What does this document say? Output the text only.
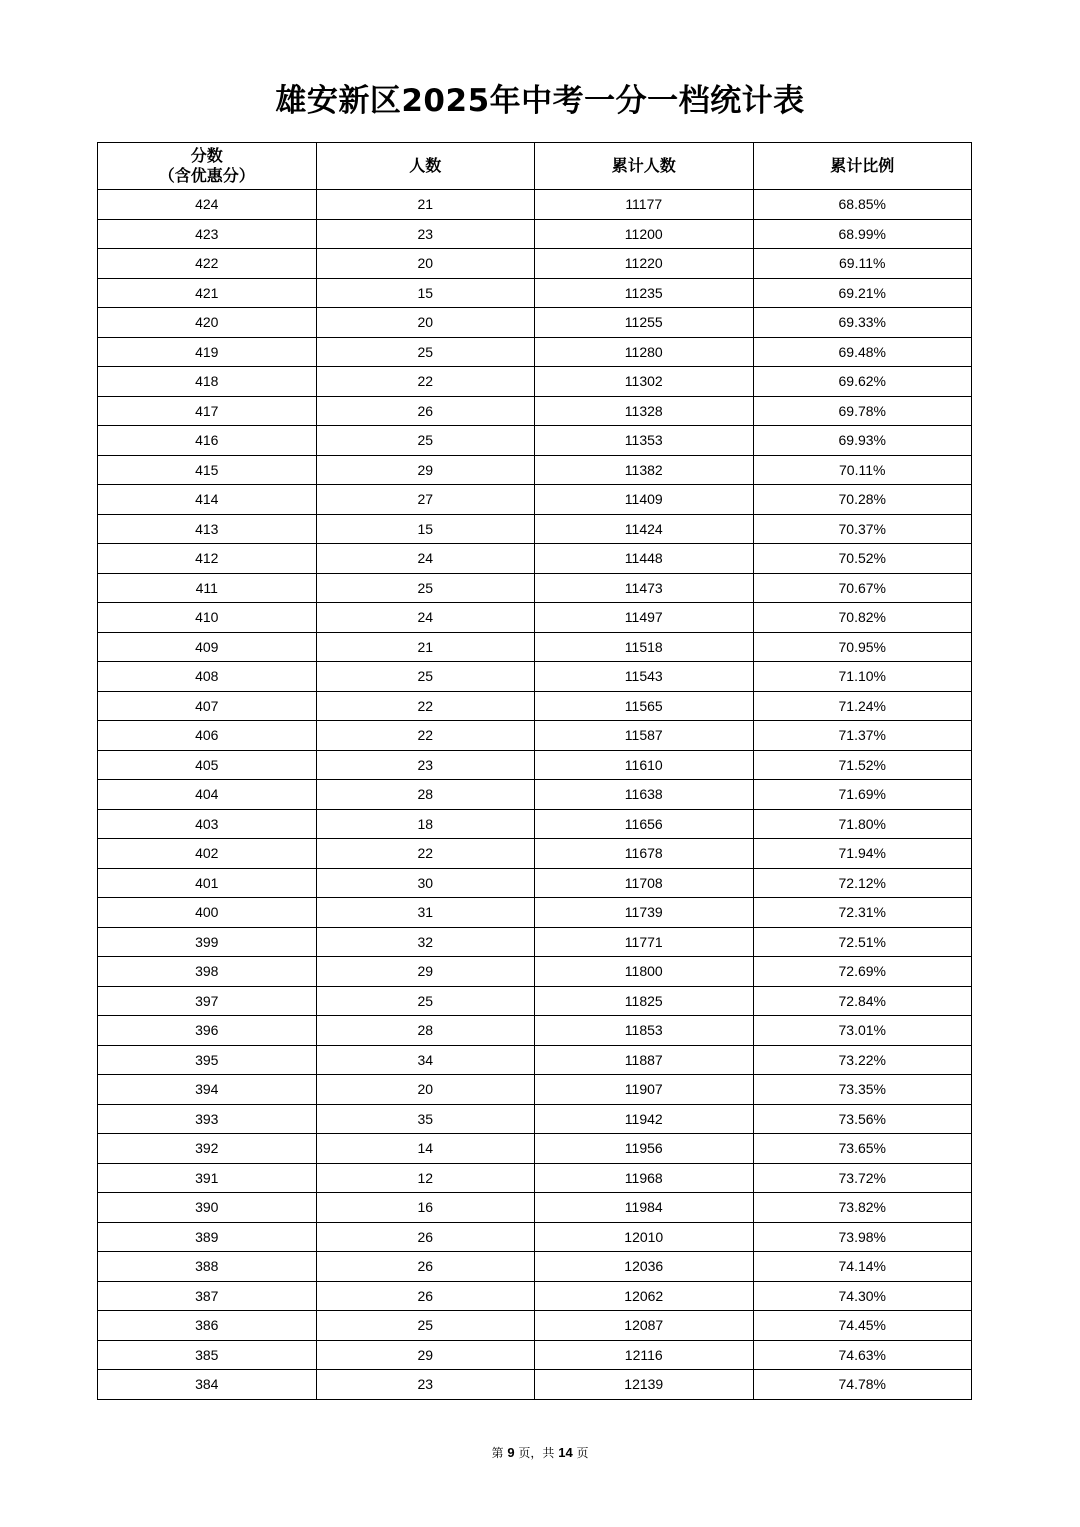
雄安新区2025年中考一分一档统计表
分数
（含优惠分）	人数	累计人数	累计比例
424	21	11177	68.85%
423	23	11200	68.99%
422	20	11220	69.11%
421	15	11235	69.21%
420	20	11255	69.33%
419	25	11280	69.48%
418	22	11302	69.62%
417	26	11328	69.78%
416	25	11353	69.93%
415	29	11382	70.11%
414	27	11409	70.28%
413	15	11424	70.37%
412	24	11448	70.52%
411	25	11473	70.67%
410	24	11497	70.82%
409	21	11518	70.95%
408	25	11543	71.10%
407	22	11565	71.24%
406	22	11587	71.37%
405	23	11610	71.52%
404	28	11638	71.69%
403	18	11656	71.80%
402	22	11678	71.94%
401	30	11708	72.12%
400	31	11739	72.31%
399	32	11771	72.51%
398	29	11800	72.69%
397	25	11825	72.84%
396	28	11853	73.01%
395	34	11887	73.22%
394	20	11907	73.35%
393	35	11942	73.56%
392	14	11956	73.65%
391	12	11968	73.72%
390	16	11984	73.82%
389	26	12010	73.98%
388	26	12036	74.14%
387	26	12062	74.30%
386	25	12087	74.45%
385	29	12116	74.63%
384	23	12139	74.78%
第 9 页，共 14 页
